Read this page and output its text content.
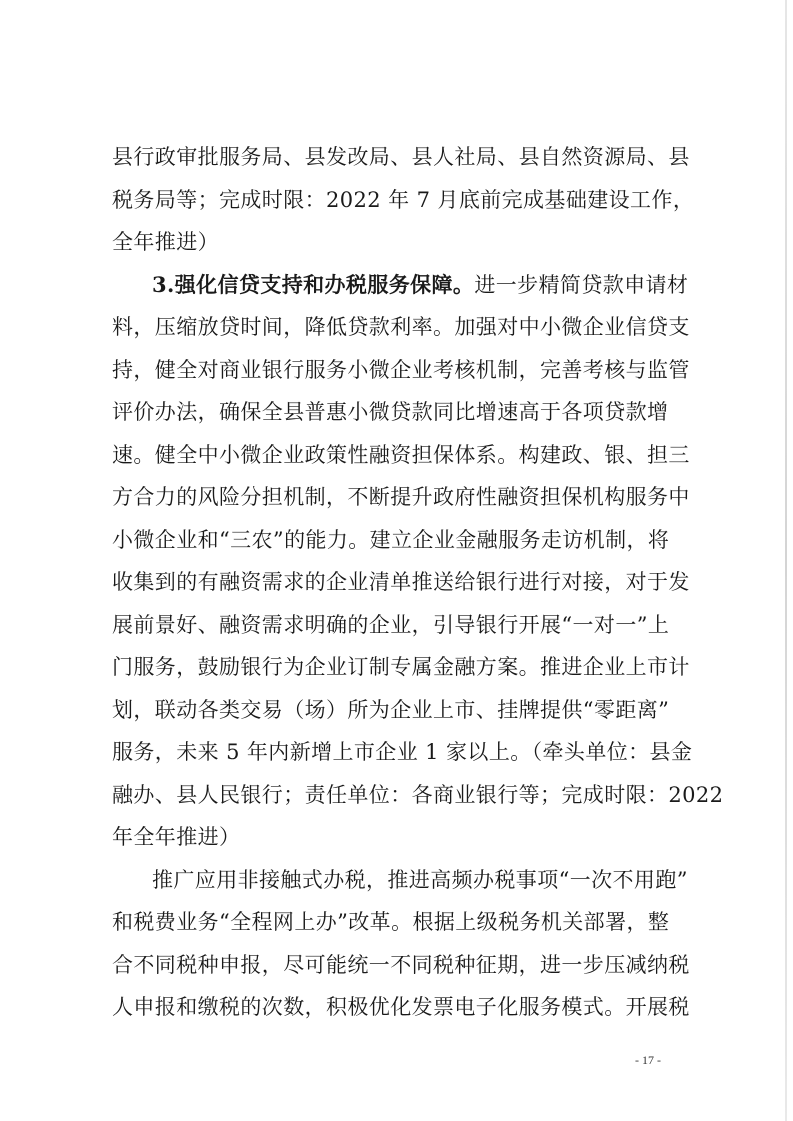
县行政审批服务局、县发改局、县人社局、县自然资源局、县
税务局等；完成时限：2022 年 7 月底前完成基础建设工作，
全年推进）
3.强化信贷支持和办税服务保障。进一步精简贷款申请材
料，压缩放贷时间，降低贷款利率。加强对中小微企业信贷支
持，健全对商业银行服务小微企业考核机制，完善考核与监管
评价办法，确保全县普惠小微贷款同比增速高于各项贷款增
速。健全中小微企业政策性融资担保体系。构建政、银、担三
方合力的风险分担机制，不断提升政府性融资担保机构服务中
小微企业和“三农”的能力。建立企业金融服务走访机制，将
收集到的有融资需求的企业清单推送给银行进行对接，对于发
展前景好、融资需求明确的企业，引导银行开展“一对一”上
门服务，鼓励银行为企业订制专属金融方案。推进企业上市计
划，联动各类交易（场）所为企业上市、挂牌提供“零距离”
服务，未来 5 年内新增上市企业 1 家以上。（牵头单位：县金
融办、县人民银行；责任单位：各商业银行等；完成时限：2022
年全年推进）
推广应用非接触式办税，推进高频办税事项“一次不用跑”
和税费业务“全程网上办”改革。根据上级税务机关部署，整
合不同税种申报，尽可能统一不同税种征期，进一步压减纳税
人申报和缴税的次数，积极优化发票电子化服务模式。开展税
- 17 -
